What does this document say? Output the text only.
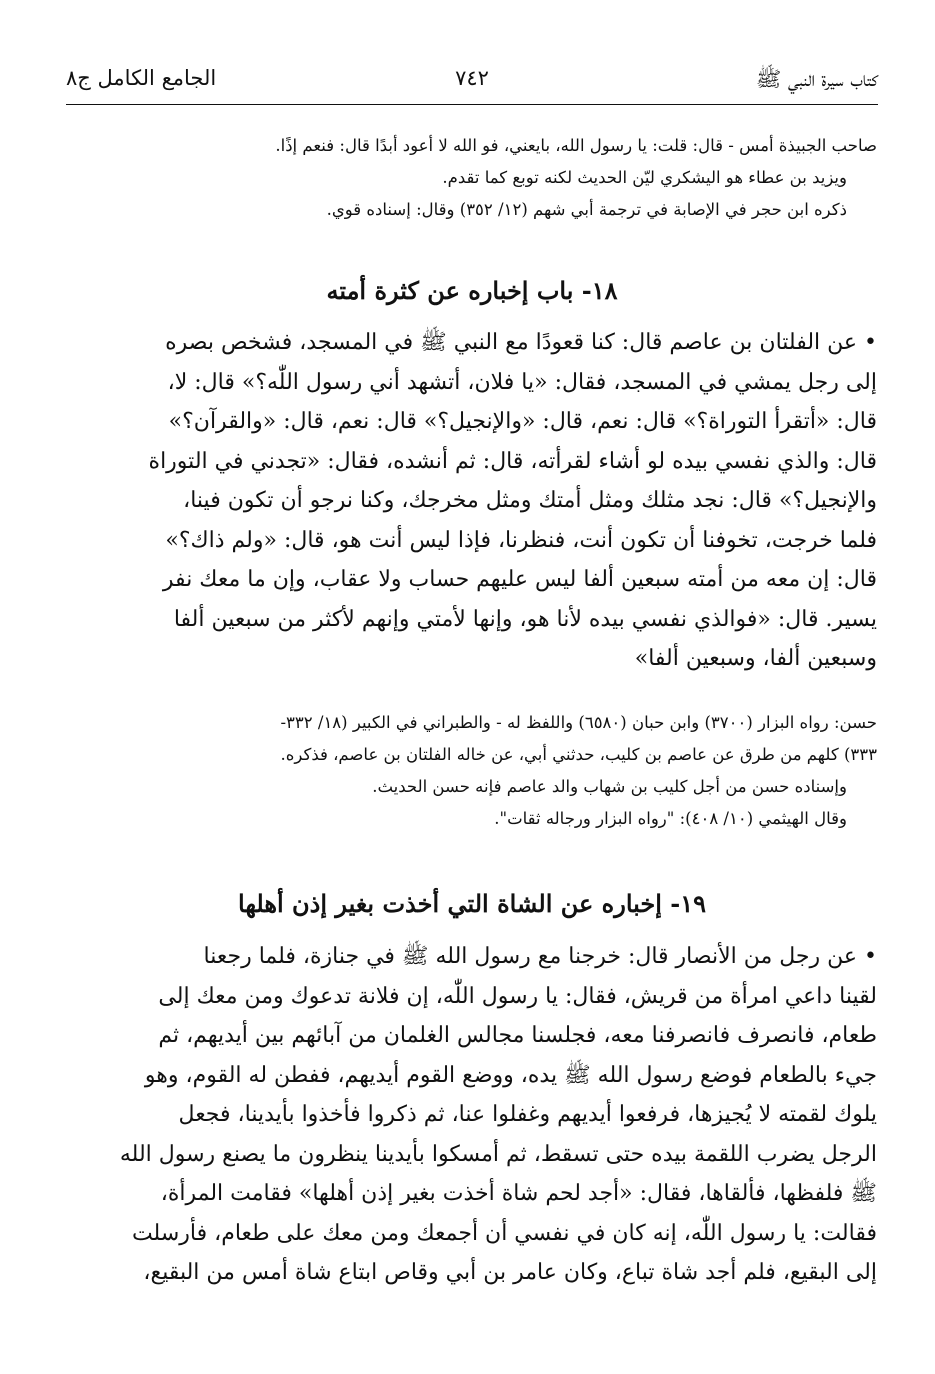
كتاب سيرة النبي ﷺ
٧٤٢
الجامع الكامل ج٨
صاحب الجبيذة أمس - قال: قلت: يا رسول الله، بايعني، فو الله لا أعود أبدًا قال: فنعم إذًا.
ويزيد بن عطاء هو اليشكري ليّن الحديث لكنه توبع كما تقدم.
ذكره ابن حجر في الإصابة في ترجمة أبي شهم (١٢/ ٣٥٢) وقال: إسناده قوي.
١٨- باب إخباره عن كثرة أمته
• عن الفلتان بن عاصم قال: كنا قعودًا مع النبي ﷺ في المسجد، فشخص بصره
إلى رجل يمشي في المسجد، فقال: «يا فلان، أتشهد أني رسول اللّٰه؟» قال: لا،
قال: «أتقرأ التوراة؟» قال: نعم، قال: «والإنجيل؟» قال: نعم، قال: «والقرآن؟»
قال: والذي نفسي بيده لو أشاء لقرأته، قال: ثم أنشده، فقال: «تجدني في التوراة
والإنجيل؟» قال: نجد مثلك ومثل أمتك ومثل مخرجك، وكنا نرجو أن تكون فينا،
فلما خرجت، تخوفنا أن تكون أنت، فنظرنا، فإذا ليس أنت هو، قال: «ولم ذاك؟»
قال: إن معه من أمته سبعين ألفا ليس عليهم حساب ولا عقاب، وإن ما معك نفر
يسير. قال: «فوالذي نفسي بيده لأنا هو، وإنها لأمتي وإنهم لأكثر من سبعين ألفا
وسبعين ألفا، وسبعين ألفا»
حسن: رواه البزار (٣٧٠٠) وابن حبان (٦٥٨٠) واللفظ له - والطبراني في الكبير (١٨/ ٣٣٢-
٣٣٣) كلهم من طرق عن عاصم بن كليب، حدثني أبي، عن خاله الفلتان بن عاصم، فذكره.
وإسناده حسن من أجل كليب بن شهاب والد عاصم فإنه حسن الحديث.
وقال الهيثمي (١٠/ ٤٠٨): "رواه البزار ورجاله ثقات".
١٩- إخباره عن الشاة التي أخذت بغير إذن أهلها
• عن رجل من الأنصار قال: خرجنا مع رسول الله ﷺ في جنازة، فلما رجعنا
لقينا داعي امرأة من قريش، فقال: يا رسول اللّٰه، إن فلانة تدعوك ومن معك إلى
طعام، فانصرف فانصرفنا معه، فجلسنا مجالس الغلمان من آبائهم بين أيديهم، ثم
جيء بالطعام فوضع رسول الله ﷺ يده، ووضع القوم أيديهم، ففطن له القوم، وهو
يلوك لقمته لا يُجيزها، فرفعوا أيديهم وغفلوا عنا، ثم ذكروا فأخذوا بأيدينا، فجعل
الرجل يضرب اللقمة بيده حتى تسقط، ثم أمسكوا بأيدينا ينظرون ما يصنع رسول الله
ﷺ فلفظها، فألقاها، فقال: «أجد لحم شاة أخذت بغير إذن أهلها» فقامت المرأة،
فقالت: يا رسول اللّٰه، إنه كان في نفسي أن أجمعك ومن معك على طعام، فأرسلت
إلى البقيع، فلم أجد شاة تباع، وكان عامر بن أبي وقاص ابتاع شاة أمس من البقيع،
